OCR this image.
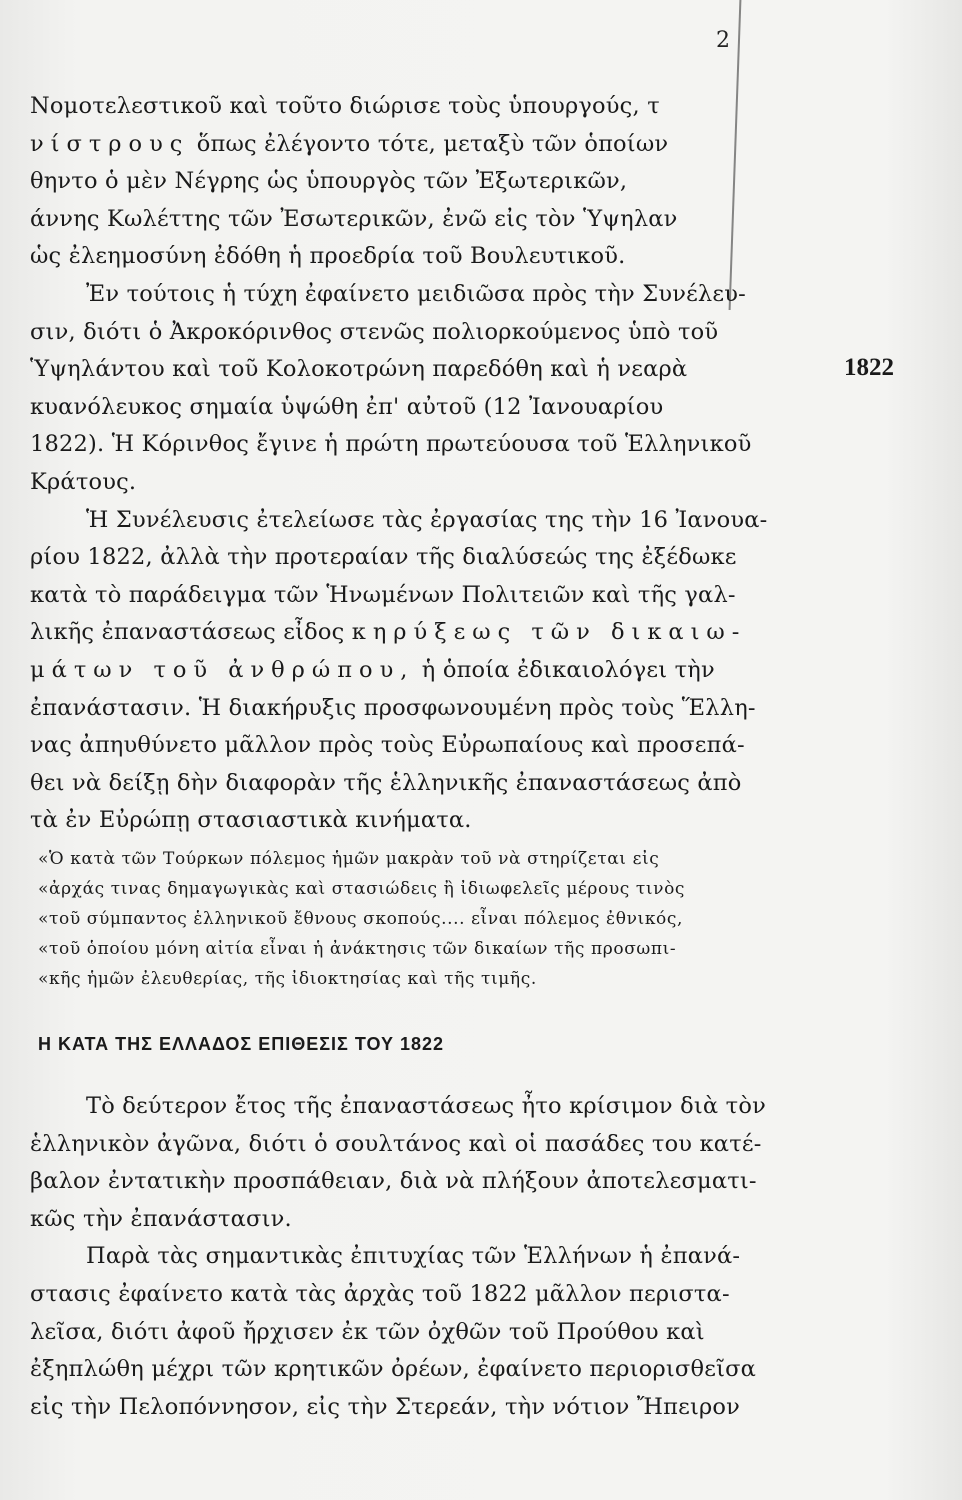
2
Νομοτελεστικοῦ καὶ τοῦτο διώρισε τοὺς ὑπουργούς, τ
νίστρους ὅπως ἐλέγοντο τότε, μεταξὺ τῶν ὁποίων
θηντο ὁ μὲν Νέγρης ὡς ὑπουργὸς τῶν Ἐξωτερικῶν,
άννης Κωλέττης τῶν Ἐσωτερικῶν, ἐνῶ εἰς τὸν Ὑψηλαν
ὡς ἐλεημοσύνη ἐδόθη ἡ προεδρία τοῦ Βουλευτικοῦ.
Ἐν τούτοις ἡ τύχη ἐφαίνετο μειδιῶσα πρὸς τὴν Συνέλευ-
σιν, διότι ὁ Ἀκροκόρινθος στενῶς πολιορκούμενος ὑπὸ τοῦ
Ὑψηλάντου καὶ τοῦ Κολοκοτρώνη παρεδόθη καὶ ἡ νεαρὰ
κυανόλευκος σημαία ὑψώθη ἐπ' αὐτοῦ (12 Ἰανουαρίου
1822). Ἡ Κόρινθος ἔγινε ἡ πρώτη πρωτεύουσα τοῦ Ἑλληνικοῦ
Κράτους.
Ἡ Συνέλευσις ἐτελείωσε τὰς ἐργασίας της τὴν 16 Ἰανουα-
ρίου 1822, ἀλλὰ τὴν προτεραίαν τῆς διαλύσεώς της ἐξέδωκε
κατὰ τὸ παράδειγμα τῶν Ἡνωμένων Πολιτειῶν καὶ τῆς γαλ-
λικῆς ἐπαναστάσεως εἶδος κηρύξεως τῶν δικαιω-
μάτων τοῦ ἀνθρώπου, ἡ ὁποία ἐδικαιολόγει τὴν
ἐπανάστασιν. Ἡ διακήρυξις προσφωνουμένη πρὸς τοὺς Ἕλλη-
νας ἀπηυθύνετο μᾶλλον πρὸς τοὺς Εὐρωπαίους καὶ προσεπά-
θει νὰ δείξῃ δὴν διαφορὰν τῆς ἑλληνικῆς ἐπαναστάσεως ἀπὸ
τὰ ἐν Εὐρώπῃ στασιαστικὰ κινήματα.
1822
«Ὁ κατὰ τῶν Τούρκων πόλεμος ἡμῶν μακρὰν τοῦ νὰ στηρίζεται εἰς
«ἀρχάς τινας δημαγωγικὰς καὶ στασιώδεις ἢ ἰδιωφελεῖς μέρους τινὸς
«τοῦ σύμπαντος ἑλληνικοῦ ἔθνους σκοπούς.... εἶναι πόλεμος ἐθνικός,
«τοῦ ὁποίου μόνη αἰτία εἶναι ἡ ἀνάκτησις τῶν δικαίων τῆς προσωπι-
«κῆς ἡμῶν ἐλευθερίας, τῆς ἰδιοκτησίας καὶ τῆς τιμῆς.
Η ΚΑΤΑ ΤΗΣ ΕΛΛΑΔΟΣ ΕΠΙΘΕΣΙΣ ΤΟΥ 1822
Τὸ δεύτερον ἔτος τῆς ἐπαναστάσεως ἦτο κρίσιμον διὰ τὸν
ἑλληνικὸν ἀγῶνα, διότι ὁ σουλτάνος καὶ οἱ πασάδες του κατέ-
βαλον ἐντατικὴν προσπάθειαν, διὰ νὰ πλήξουν ἀποτελεσματι-
κῶς τὴν ἐπανάστασιν.
Παρὰ τὰς σημαντικὰς ἐπιτυχίας τῶν Ἑλλήνων ἡ ἐπανά-
στασις ἐφαίνετο κατὰ τὰς ἀρχὰς τοῦ 1822 μᾶλλον περιστα-
λεῖσα, διότι ἀφοῦ ἤρχισεν ἐκ τῶν ὀχθῶν τοῦ Προύθου καὶ
ἐξηπλώθη μέχρι τῶν κρητικῶν ὀρέων, ἐφαίνετο περιορισθεῖσα
εἰς τὴν Πελοπόννησον, εἰς τὴν Στερεάν, τὴν νότιον Ἤπειρον
